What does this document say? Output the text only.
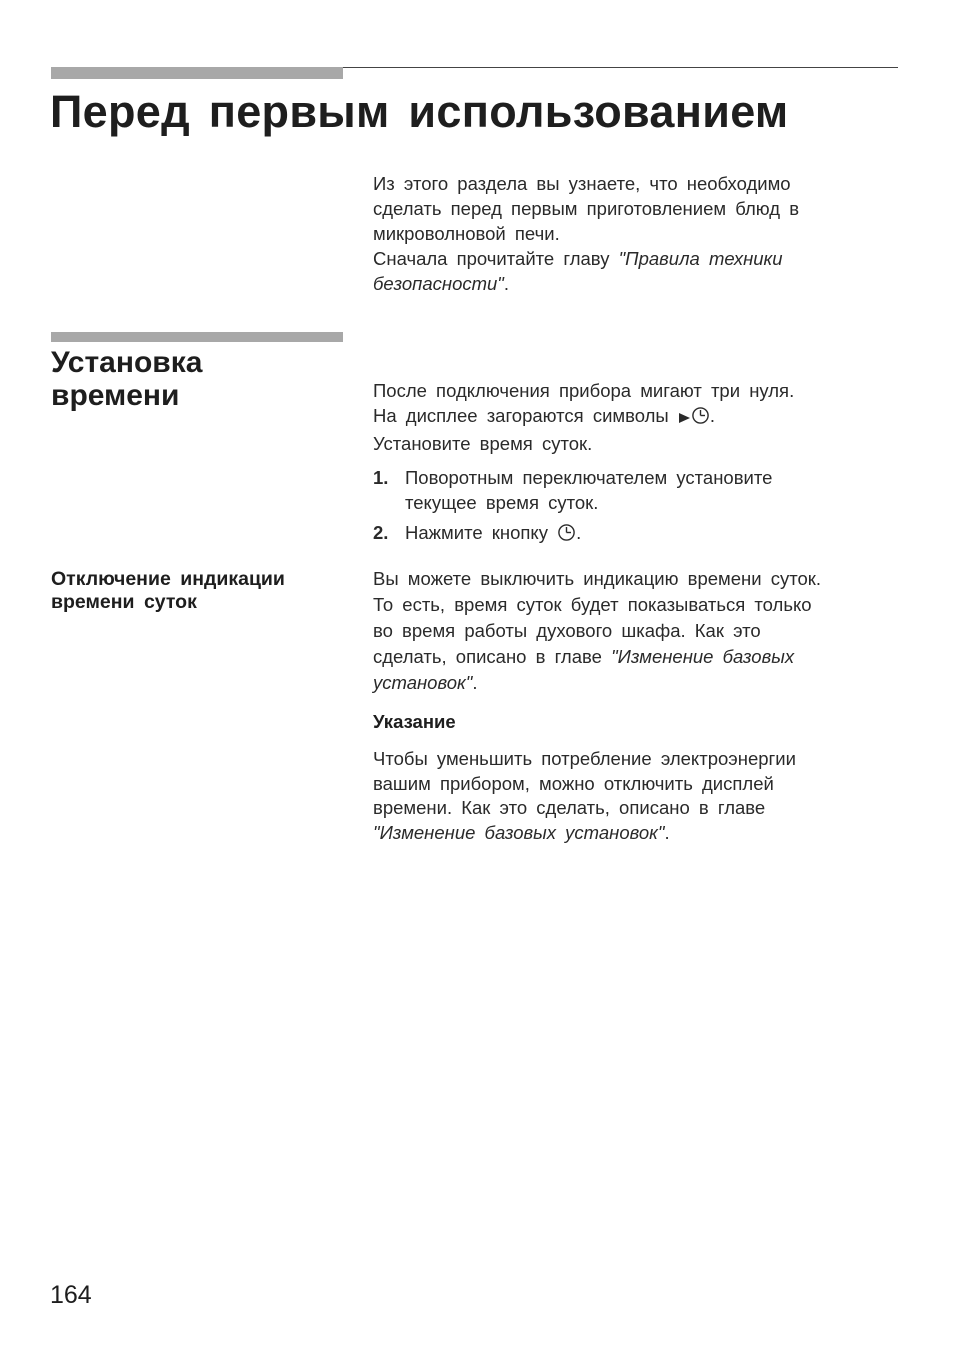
Перед первым использованием

Из этого раздела вы узнаете, что необходимо
сделать перед первым приготовлением блюд в
микроволновой печи.
Сначала прочитайте главу "Правила техники
безопасности".

Установка
времени	После подключения прибора мигают три нуля.
На дисплее загораются символы .
Установите время суток.

1. Поворотным переключателем установите
текущее время суток.
2. Нажмите кнопку .
Отключение индикации
времени суток

Вы можете выключить индикацию времени суток.
То есть, время суток будет показываться только
во время работы духового шкафа. Как это
сделать, описано в главе "Изменение базовых
установок".

Указание

Чтобы уменьшить потребление электроэнергии
вашим прибором, можно отключить дисплей
времени. Как это сделать, описано в главе
"Изменение базовых установок".

164
